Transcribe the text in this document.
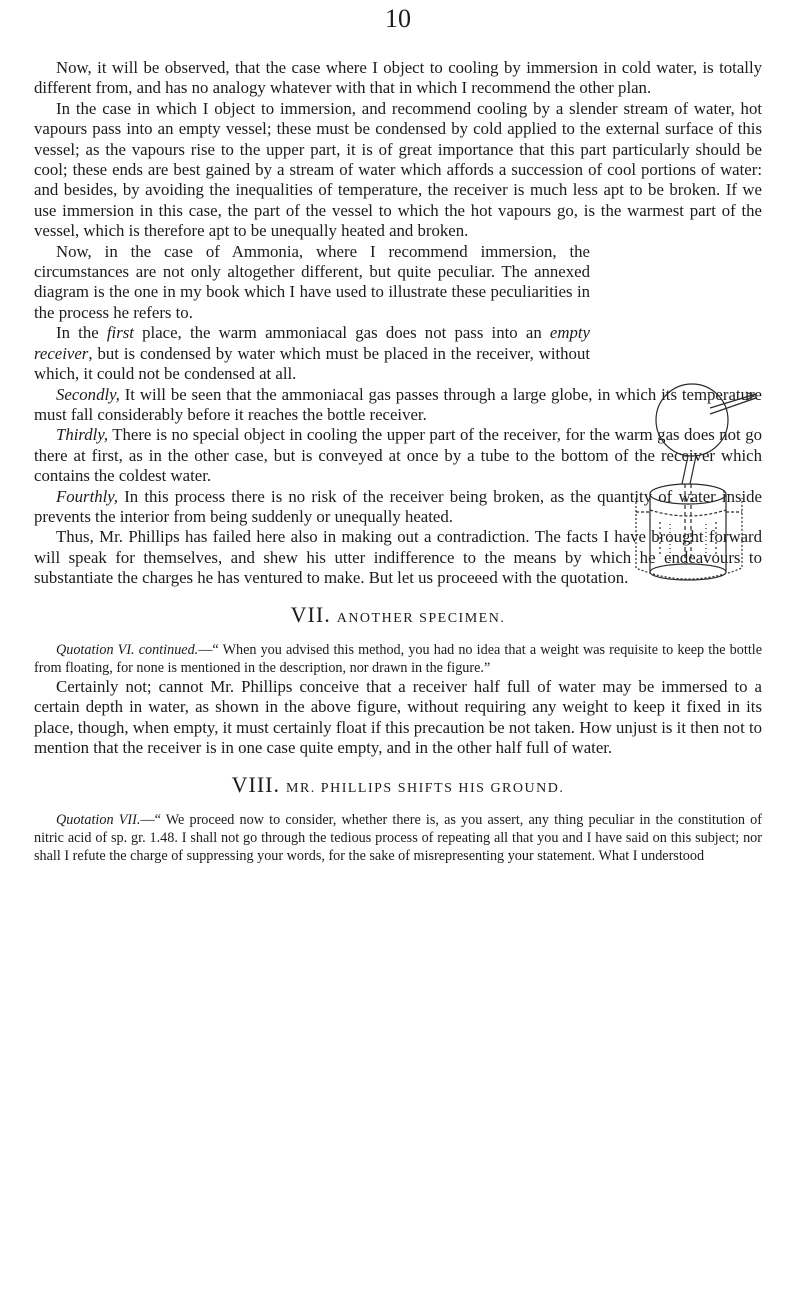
10

Now, it will be observed, that the case where I object to cooling by immersion in cold water, is totally different from, and has no analogy whatever with that in which I recommend the other plan.

In the case in which I object to immersion, and recommend cooling by a slender stream of water, hot vapours pass into an empty vessel; these must be condensed by cold applied to the external surface of this vessel; as the vapours rise to the upper part, it is of great importance that this part particularly should be cool; these ends are best gained by a stream of water which affords a succession of cool portions of water: and besides, by avoiding the inequalities of temperature, the receiver is much less apt to be broken. If we use immersion in this case, the part of the vessel to which the hot vapours go, is the warmest part of the vessel, which is therefore apt to be unequally heated and broken.

Now, in the case of Ammonia, where I recommend immersion, the circumstances are not only altogether different, but quite peculiar. The annexed diagram is the one in my book which I have used to illustrate these peculiarities in the process he refers to.

In the first place, the warm ammoniacal gas does not pass into an empty receiver, but is condensed by water which must be placed in the receiver, without which, it could not be condensed at all.

Secondly, It will be seen that the ammoniacal gas passes through a large globe, in which its temperature must fall considerably before it reaches the bottle receiver.

Thirdly, There is no special object in cooling the upper part of the receiver, for the warm gas does not go there at first, as in the other case, but is conveyed at once by a tube to the bottom of the receiver which contains the coldest water.

Fourthly, In this process there is no risk of the receiver being broken, as the quantity of water inside prevents the interior from being suddenly or unequally heated.

Thus, Mr. Phillips has failed here also in making out a contradiction. The facts I have brought forward will speak for themselves, and shew his utter indifference to the means by which he endeavours to substantiate the charges he has ventured to make. But let us proceeed with the quotation.

VII. ANOTHER SPECIMEN.

Quotation VI. continued.—“ When you advised this method, you had no idea that a weight was requisite to keep the bottle from floating, for none is mentioned in the description, nor drawn in the figure.”

Certainly not; cannot Mr. Phillips conceive that a receiver half full of water may be immersed to a certain depth in water, as shown in the above figure, without requiring any weight to keep it fixed in its place, though, when empty, it must certainly float if this precaution be not taken. How unjust is it then not to mention that the receiver is in one case quite empty, and in the other half full of water.

VIII. MR. PHILLIPS SHIFTS HIS GROUND.

Quotation VII.—“ We proceed now to consider, whether there is, as you assert, any thing peculiar in the constitution of nitric acid of sp. gr. 1.48. I shall not go through the tedious process of repeating all that you and I have said on this subject; nor shall I refute the charge of suppressing your words, for the sake of misrepresenting your statement. What I understood
